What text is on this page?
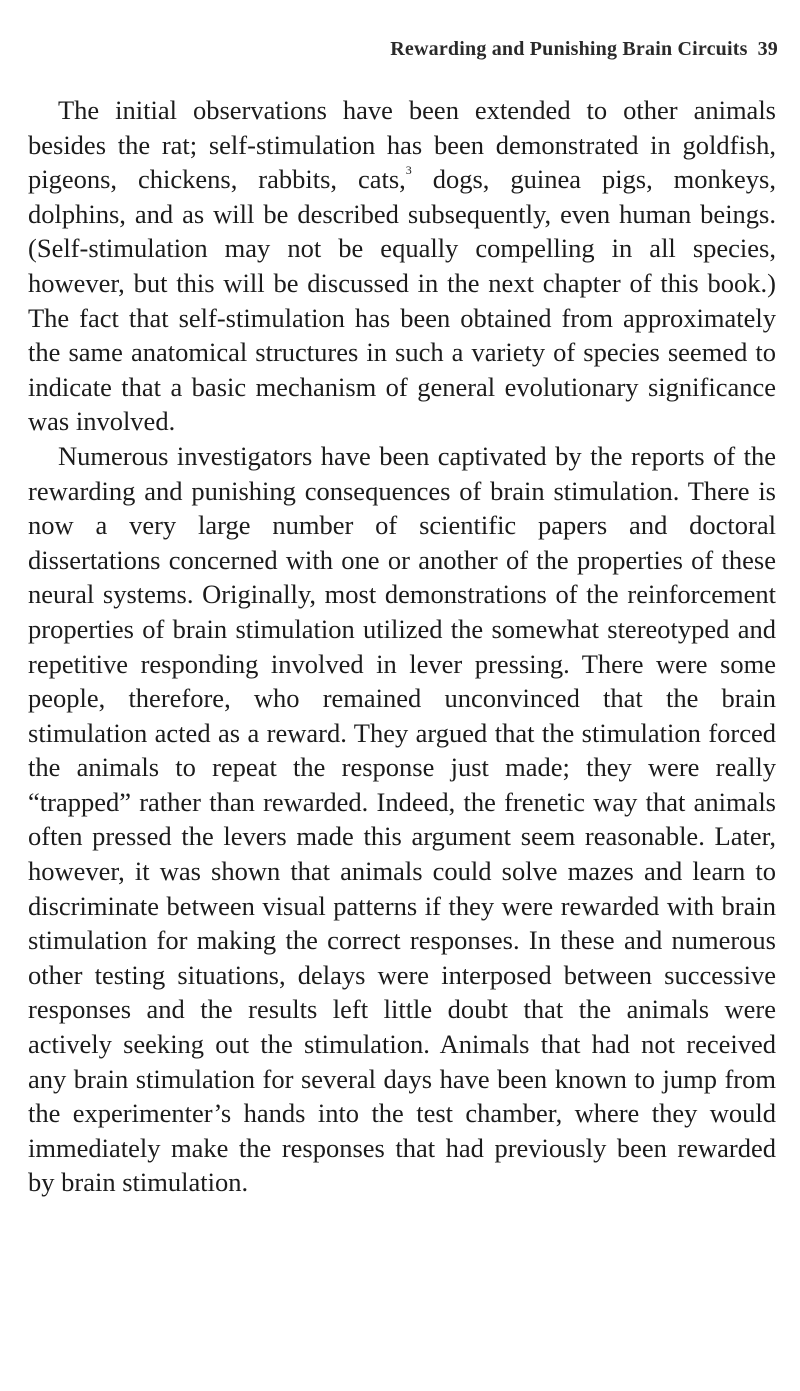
Rewarding and Punishing Brain Circuits 39

The initial observations have been extended to other animals besides the rat; self-stimulation has been demonstrated in goldfish, pigeons, chickens, rabbits, cats,$^3$ dogs, guinea pigs, monkeys, dolphins, and as will be described subsequently, even human beings. (Self-stimulation may not be equally compelling in all species, however, but this will be discussed in the next chapter of this book.) The fact that self-stimulation has been obtained from approximately the same anatomical structures in such a variety of species seemed to indicate that a basic mechanism of general evolutionary significance was involved.

Numerous investigators have been captivated by the reports of the rewarding and punishing consequences of brain stimulation. There is now a very large number of scientific papers and doctoral dissertations concerned with one or another of the properties of these neural systems. Originally, most demonstrations of the reinforcement properties of brain stimulation utilized the somewhat stereotyped and repetitive responding involved in lever pressing. There were some people, therefore, who remained unconvinced that the brain stimulation acted as a reward. They argued that the stimulation forced the animals to repeat the response just made; they were really “trapped” rather than rewarded. Indeed, the frenetic way that animals often pressed the levers made this argument seem reasonable. Later, however, it was shown that animals could solve mazes and learn to discriminate between visual patterns if they were rewarded with brain stimulation for making the correct responses. In these and numerous other testing situations, delays were interposed between successive responses and the results left little doubt that the animals were actively seeking out the stimulation. Animals that had not received any brain stimulation for several days have been known to jump from the experimenter’s hands into the test chamber, where they would immediately make the responses that had previously been rewarded by brain stimulation.
